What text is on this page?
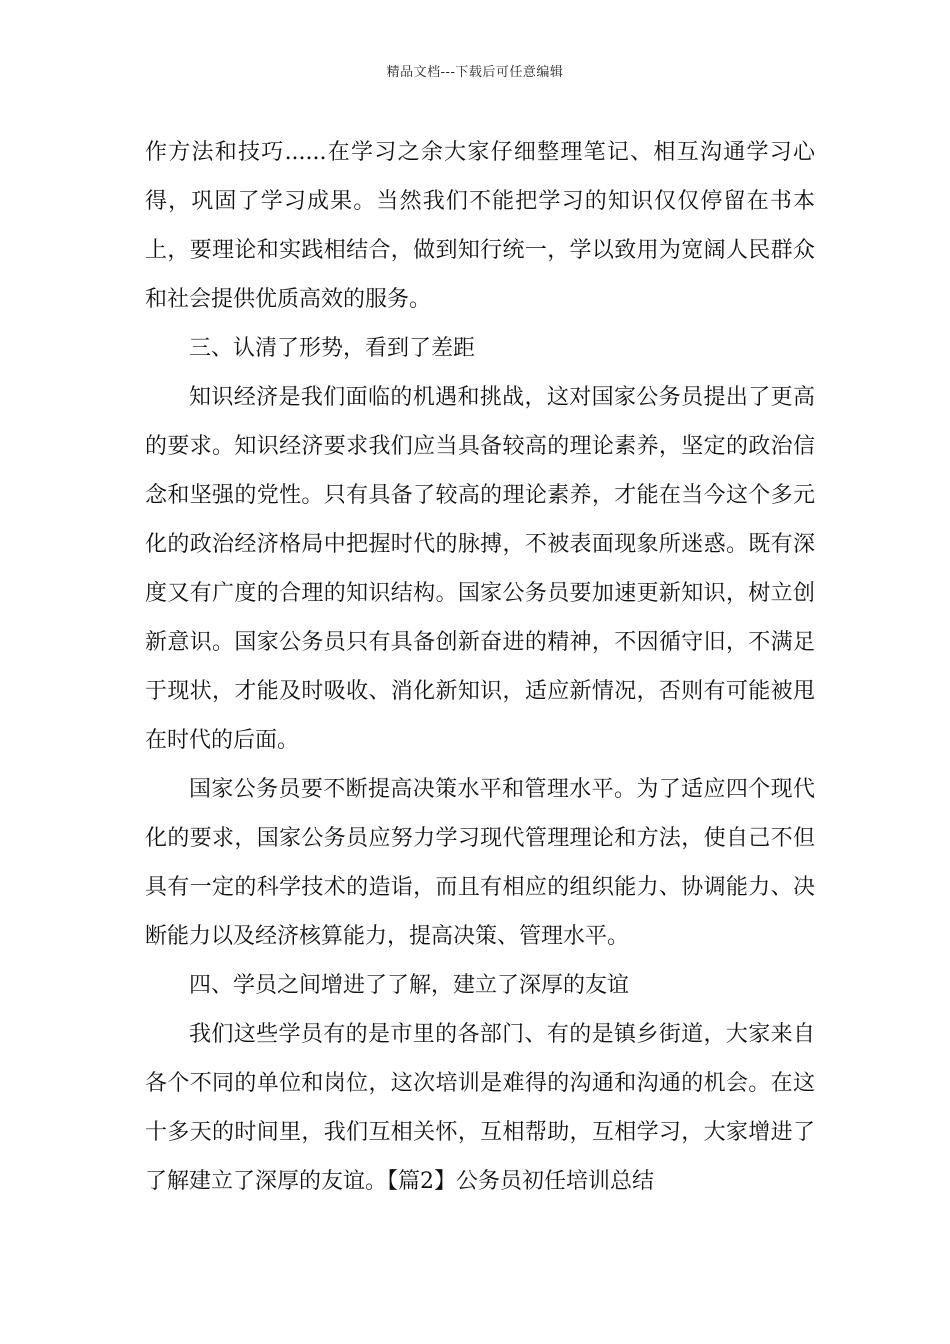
精品文档---下载后可任意编辑

作方法和技巧......在学习之余大家仔细整理笔记、相互沟通学习心得，巩固了学习成果。当然我们不能把学习的知识仅仅停留在书本上，要理论和实践相结合，做到知行统一，学以致用为宽阔人民群众和社会提供优质高效的服务。

三、认清了形势，看到了差距

知识经济是我们面临的机遇和挑战，这对国家公务员提出了更高的要求。知识经济要求我们应当具备较高的理论素养，坚定的政治信念和坚强的党性。只有具备了较高的理论素养，才能在当今这个多元化的政治经济格局中把握时代的脉搏，不被表面现象所迷惑。既有深度又有广度的合理的知识结构。国家公务员要加速更新知识，树立创新意识。国家公务员只有具备创新奋进的精神，不因循守旧，不满足于现状，才能及时吸收、消化新知识，适应新情况，否则有可能被甩在时代的后面。

国家公务员要不断提高决策水平和管理水平。为了适应四个现代化的要求，国家公务员应努力学习现代管理理论和方法，使自己不但具有一定的科学技术的造诣，而且有相应的组织能力、协调能力、决断能力以及经济核算能力，提高决策、管理水平。

四、学员之间增进了了解，建立了深厚的友谊

我们这些学员有的是市里的各部门、有的是镇乡街道，大家来自各个不同的单位和岗位，这次培训是难得的沟通和沟通的机会。在这十多天的时间里，我们互相关怀，互相帮助，互相学习，大家增进了了解建立了深厚的友谊。【篇2】公务员初任培训总结
